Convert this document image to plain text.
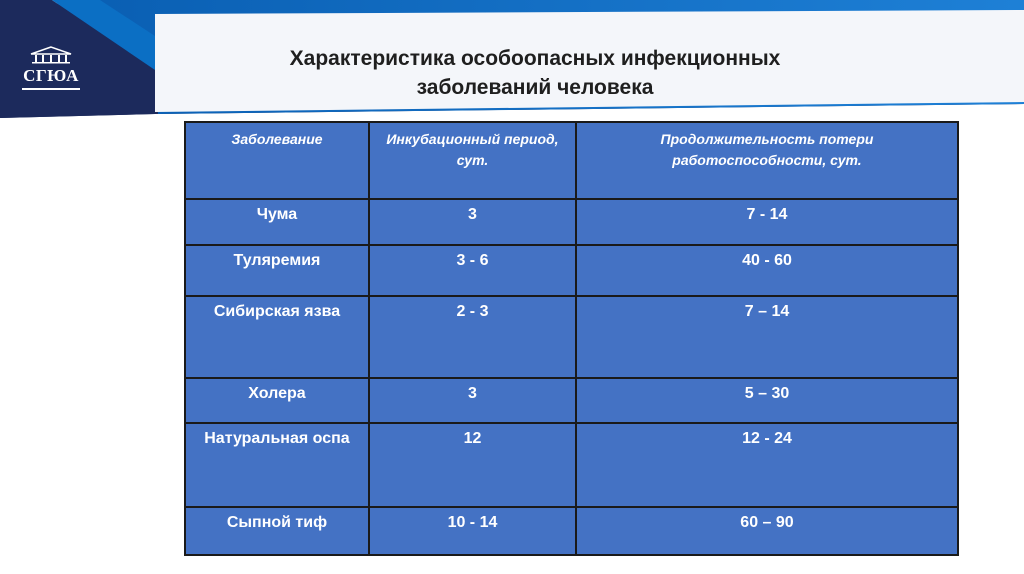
СГЮА
Характеристика особоопасных инфекционных
заболеваний человека
Заболевание	Инкубационный период, сут.	Продолжительность потери работоспособности, сут.
Чума	3	7 - 14
Туляремия	3 - 6	40 - 60
Сибирская язва	2 - 3	7 – 14
Холера	3	5 – 30
Натуральная оспа	12	12 - 24
Сыпной тиф	10 - 14	60 – 90
